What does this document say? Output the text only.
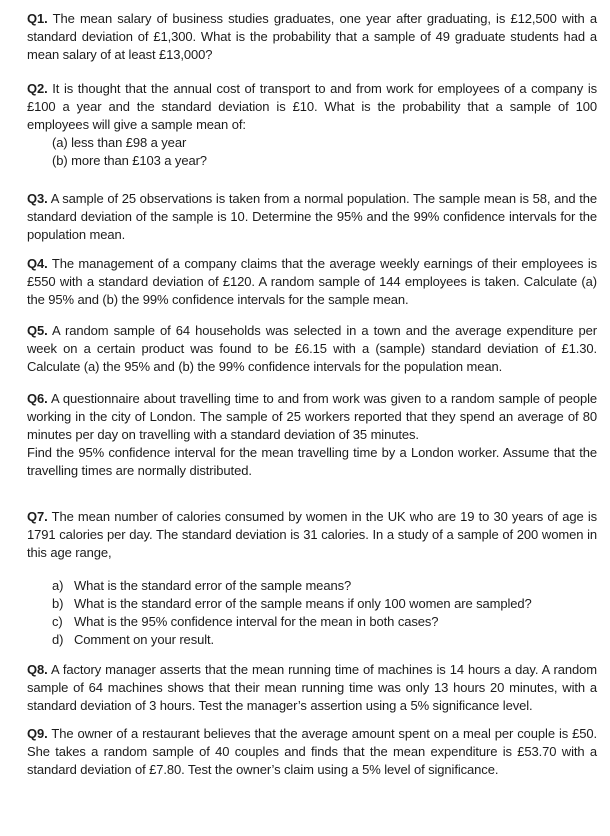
Q1. The mean salary of business studies graduates, one year after graduating, is £12,500 with a standard deviation of £1,300. What is the probability that a sample of 49 graduate students had a mean salary of at least £13,000?
Q2. It is thought that the annual cost of transport to and from work for employees of a company is £100 a year and the standard deviation is £10. What is the probability that a sample of 100 employees will give a sample mean of:
(a) less than £98 a year
(b) more than £103 a year?
Q3. A sample of 25 observations is taken from a normal population. The sample mean is 58, and the standard deviation of the sample is 10. Determine the 95% and the 99% confidence intervals for the population mean.
Q4. The management of a company claims that the average weekly earnings of their employees is £550 with a standard deviation of £120. A random sample of 144 employees is taken. Calculate (a) the 95% and (b) the 99% confidence intervals for the sample mean.
Q5. A random sample of 64 households was selected in a town and the average expenditure per week on a certain product was found to be £6.15 with a (sample) standard deviation of £1.30. Calculate (a) the 95% and (b) the 99% confidence intervals for the population mean.
Q6. A questionnaire about travelling time to and from work was given to a random sample of people working in the city of London. The sample of 25 workers reported that they spend an average of 80 minutes per day on travelling with a standard deviation of 35 minutes.
Find the 95% confidence interval for the mean travelling time by a London worker. Assume that the travelling times are normally distributed.
Q7. The mean number of calories consumed by women in the UK who are 19 to 30 years of age is 1791 calories per day. The standard deviation is 31 calories. In a study of a sample of 200 women in this age range,
a) What is the standard error of the sample means?
b) What is the standard error of the sample means if only 100 women are sampled?
c) What is the 95% confidence interval for the mean in both cases?
d) Comment on your result.
Q8. A factory manager asserts that the mean running time of machines is 14 hours a day. A random sample of 64 machines shows that their mean running time was only 13 hours 20 minutes, with a standard deviation of 3 hours. Test the manager’s assertion using a 5% significance level.
Q9. The owner of a restaurant believes that the average amount spent on a meal per couple is £50. She takes a random sample of 40 couples and finds that the mean expenditure is £53.70 with a standard deviation of £7.80. Test the owner’s claim using a 5% level of significance.
